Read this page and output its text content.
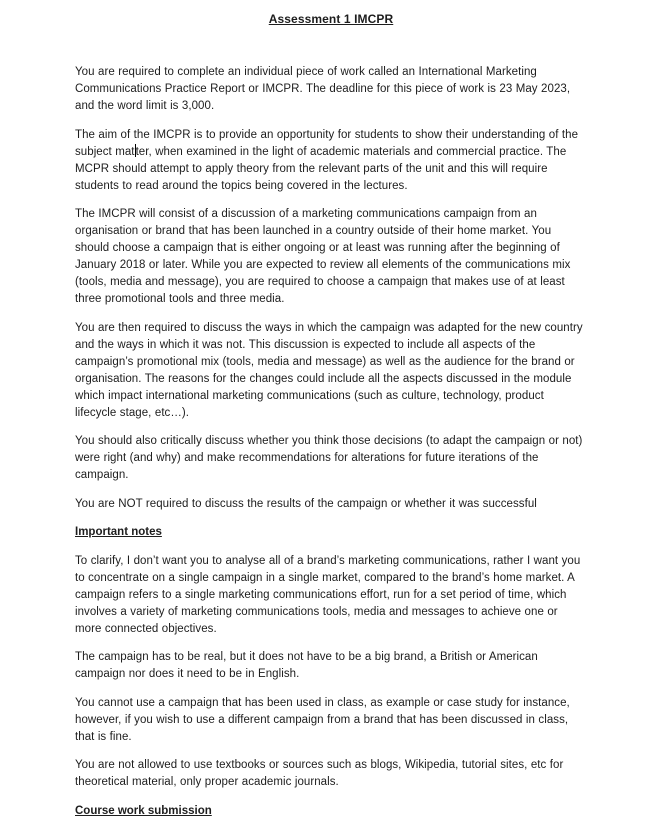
Assessment 1 IMCPR

You are required to complete an individual piece of work called an International Marketing Communications Practice Report or IMCPR. The deadline for this piece of work is 23 May 2023, and the word limit is 3,000.

The aim of the IMCPR is to provide an opportunity for students to show their understanding of the subject matter, when examined in the light of academic materials and commercial practice. The MCPR should attempt to apply theory from the relevant parts of the unit and this will require students to read around the topics being covered in the lectures.

The IMCPR will consist of a discussion of a marketing communications campaign from an organisation or brand that has been launched in a country outside of their home market. You should choose a campaign that is either ongoing or at least was running after the beginning of January 2018 or later. While you are expected to review all elements of the communications mix (tools, media and message), you are required to choose a campaign that makes use of at least three promotional tools and three media.

You are then required to discuss the ways in which the campaign was adapted for the new country and the ways in which it was not. This discussion is expected to include all aspects of the campaign’s promotional mix (tools, media and message) as well as the audience for the brand or organisation. The reasons for the changes could include all the aspects discussed in the module which impact international marketing communications (such as culture, technology, product lifecycle stage, etc…).

You should also critically discuss whether you think those decisions (to adapt the campaign or not) were right (and why) and make recommendations for alterations for future iterations of the campaign.

You are NOT required to discuss the results of the campaign or whether it was successful

Important notes

To clarify, I don’t want you to analyse all of a brand’s marketing communications, rather I want you to concentrate on a single campaign in a single market, compared to the brand’s home market. A campaign refers to a single marketing communications effort, run for a set period of time, which involves a variety of marketing communications tools, media and messages to achieve one or more connected objectives.

The campaign has to be real, but it does not have to be a big brand, a British or American campaign nor does it need to be in English.

You cannot use a campaign that has been used in class, as example or case study for instance, however, if you wish to use a different campaign from a brand that has been discussed in class, that is fine.

You are not allowed to use textbooks or sources such as blogs, Wikipedia, tutorial sites, etc for theoretical material, only proper academic journals.

Course work submission
